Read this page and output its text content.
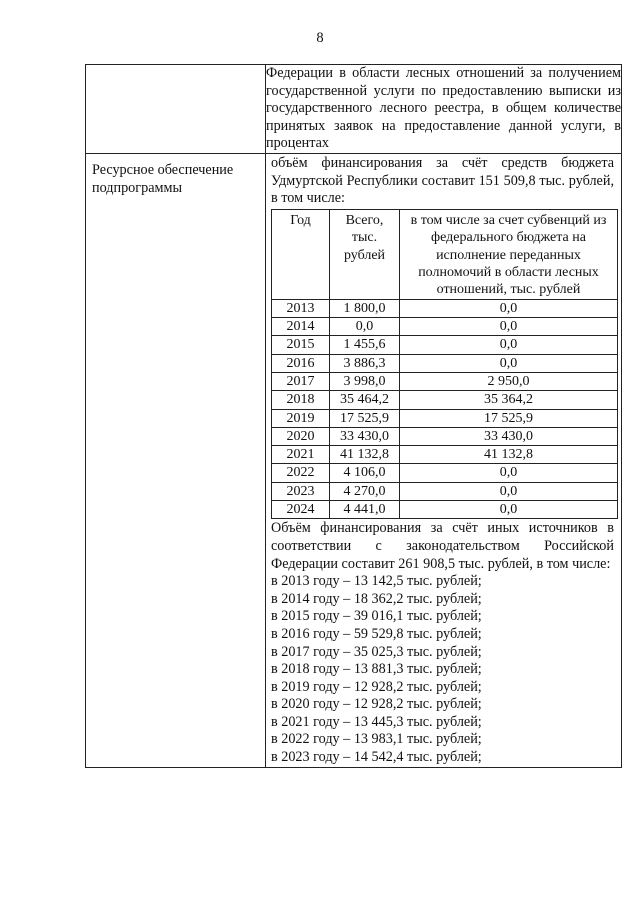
8

Федерации в области лесных отношений за получением государственной услуги по предоставлению выписки из государственного лесного реестра, в общем количестве принятых заявок на предоставление данной услуги, в процентах

Ресурсное обеспечение подпрограммы

объём финансирования за счёт средств бюджета Удмуртской Республики составит 151 509,8 тыс. рублей, в том числе:
Год	Всего, тыс. рублей	в том числе за счет субвенций из федерального бюджета на исполнение переданных полномочий в области лесных отношений, тыс. рублей
2013	1 800,0	0,0
2014	0,0	0,0
2015	1 455,6	0,0
2016	3 886,3	0,0
2017	3 998,0	2 950,0
2018	35 464,2	35 364,2
2019	17 525,9	17 525,9
2020	33 430,0	33 430,0
2021	41 132,8	41 132,8
2022	4 106,0	0,0
2023	4 270,0	0,0
2024	4 441,0	0,0
Объём финансирования за счёт иных источников в соответствии с законодательством Российской Федерации составит 261 908,5 тыс. рублей, в том числе:
в 2013 году – 13 142,5 тыс. рублей;
в 2014 году – 18 362,2 тыс. рублей;
в 2015 году – 39 016,1 тыс. рублей;
в 2016 году – 59 529,8 тыс. рублей;
в 2017 году – 35 025,3 тыс. рублей;
в 2018 году – 13 881,3 тыс. рублей;
в 2019 году – 12 928,2 тыс. рублей;
в 2020 году – 12 928,2 тыс. рублей;
в 2021 году – 13 445,3 тыс. рублей;
в 2022 году – 13 983,1 тыс. рублей;
в 2023 году – 14 542,4 тыс. рублей;
